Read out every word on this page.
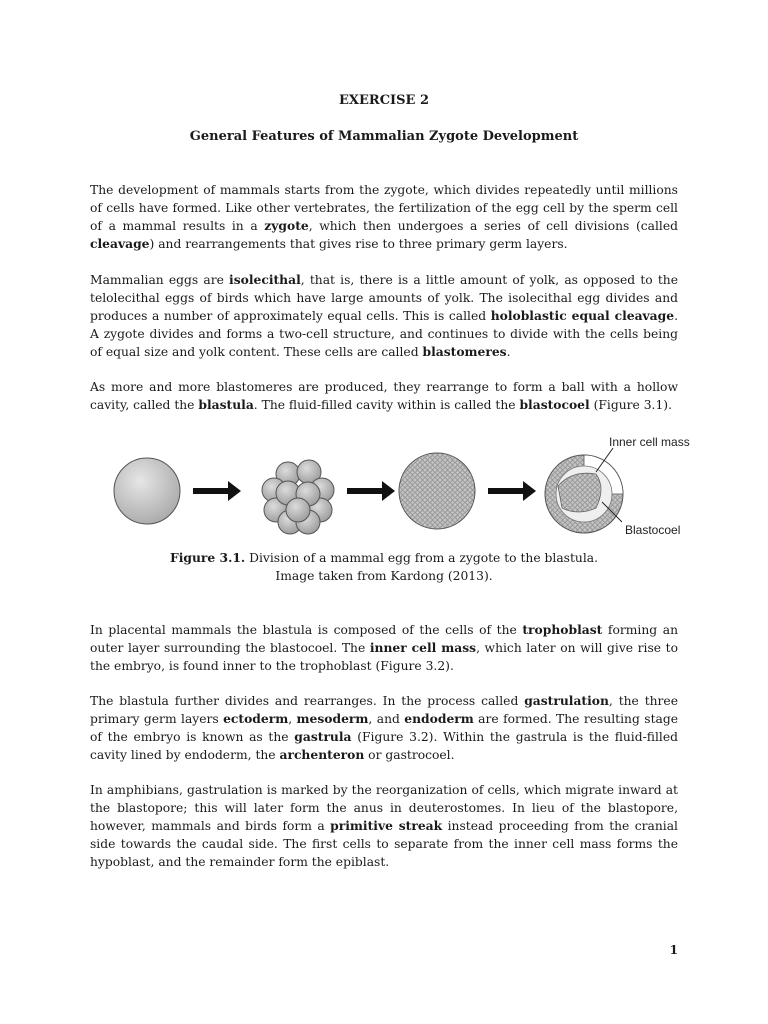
EXERCISE 2
General Features of Mammalian Zygote Development

The development of mammals starts from the zygote, which divides repeatedly until millions of cells have formed. Like other vertebrates, the fertilization of the egg cell by the sperm cell of a mammal results in a zygote, which then undergoes a series of cell divisions (called cleavage) and rearrangements that gives rise to three primary germ layers.

Mammalian eggs are isolecithal, that is, there is a little amount of yolk, as opposed to the telolecithal eggs of birds which have large amounts of yolk. The isolecithal egg divides and produces a number of approximately equal cells. This is called holoblastic equal cleavage. A zygote divides and forms a two-cell structure, and continues to divide with the cells being of equal size and yolk content. These cells are called blastomeres.

As more and more blastomeres are produced, they rearrange to form a ball with a hollow cavity, called the blastula. The fluid-filled cavity within is called the blastocoel (Figure 3.1).

Inner cell mass
Blastocoel
Figure 3.1. Division of a mammal egg from a zygote to the blastula.
Image taken from Kardong (2013).

In placental mammals the blastula is composed of the cells of the trophoblast forming an outer layer surrounding the blastocoel. The inner cell mass, which later on will give rise to the embryo, is found inner to the trophoblast (Figure 3.2).

The blastula further divides and rearranges. In the process called gastrulation, the three primary germ layers ectoderm, mesoderm, and endoderm are formed. The resulting stage of the embryo is known as the gastrula (Figure 3.2). Within the gastrula is the fluid-filled cavity lined by endoderm, the archenteron or gastrocoel.

In amphibians, gastrulation is marked by the reorganization of cells, which migrate inward at the blastopore; this will later form the anus in deuterostomes. In lieu of the blastopore, however, mammals and birds form a primitive streak instead proceeding from the cranial side towards the caudal side. The first cells to separate from the inner cell mass forms the hypoblast, and the remainder form the epiblast.

1
